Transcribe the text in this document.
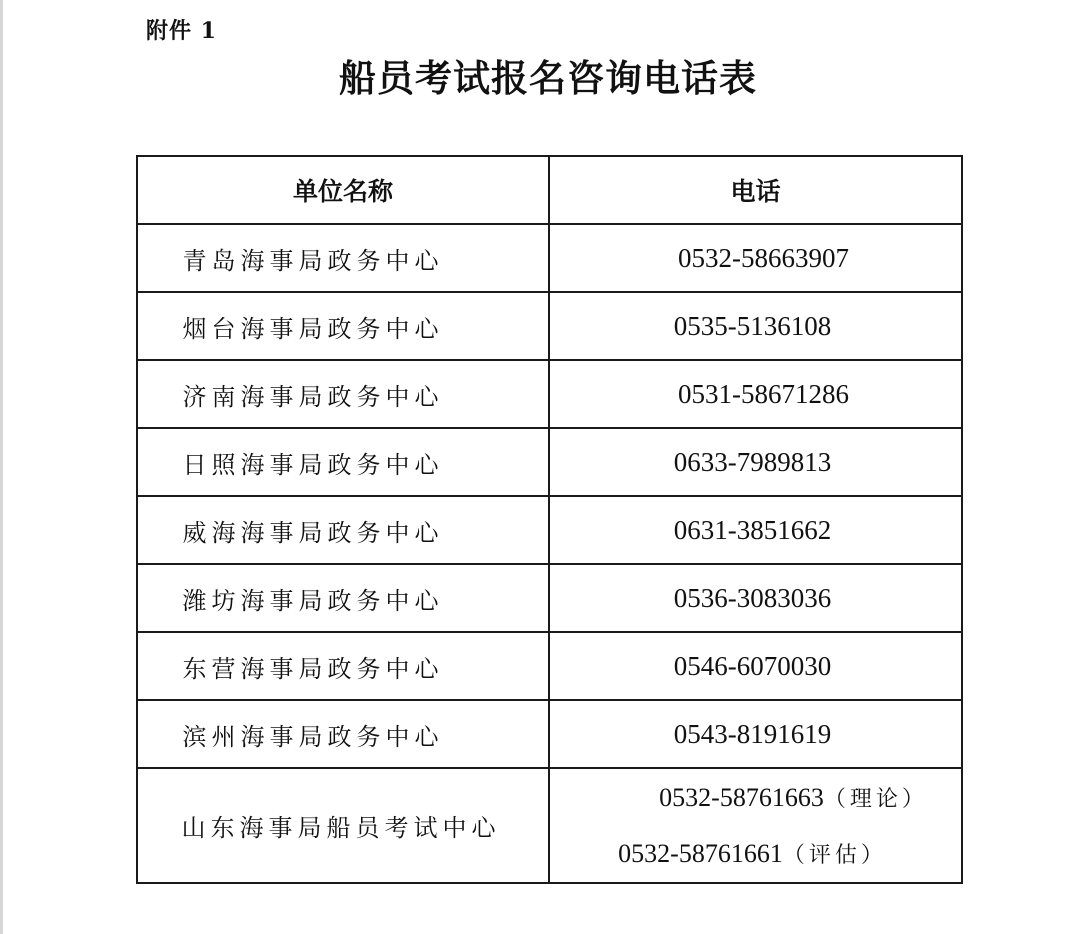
附件 1
船员考试报名咨询电话表
单位名称	电话
青岛海事局政务中心	0532-58663907
烟台海事局政务中心	0535-5136108
济南海事局政务中心	0531-58671286
日照海事局政务中心	0633-7989813
威海海事局政务中心	0631-3851662
潍坊海事局政务中心	0536-3083036
东营海事局政务中心	0546-6070030
滨州海事局政务中心	0543-8191619
山东海事局船员考试中心	0532-58761663（理论）
0532-58761661（评估）
